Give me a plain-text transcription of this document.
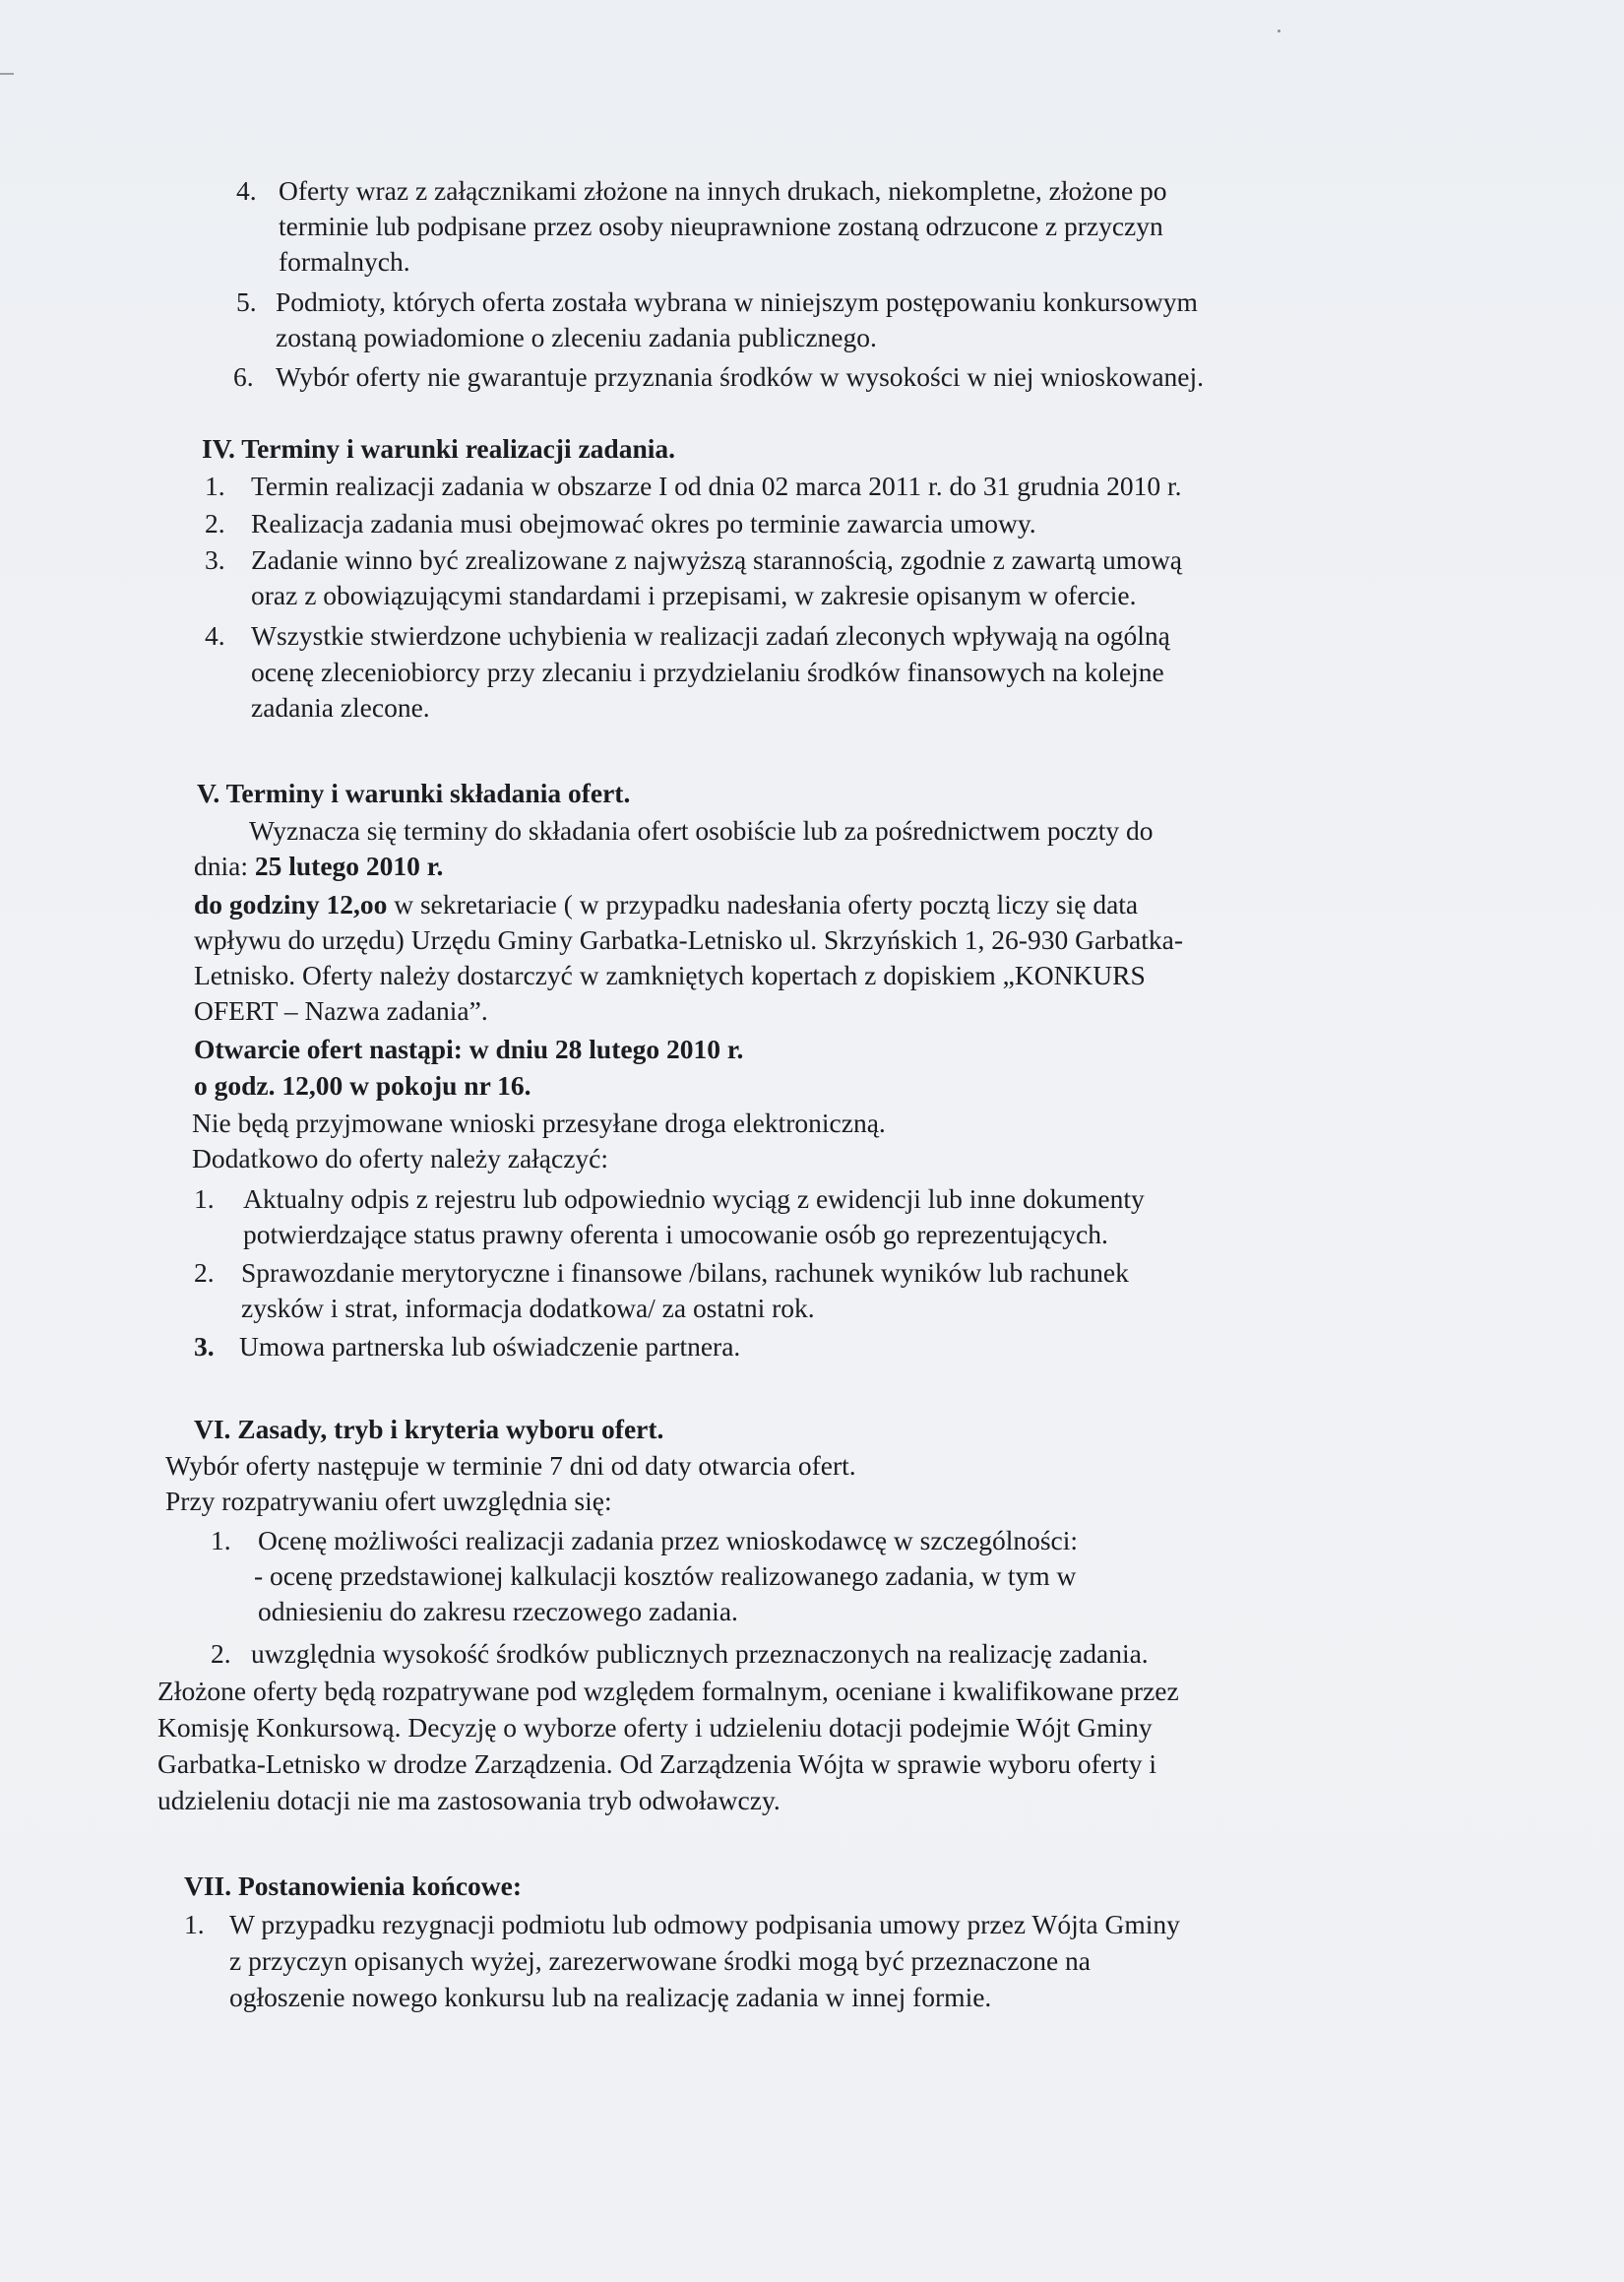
4. Oferty wraz z załącznikami złożone na innych drukach, niekompletne, złożone po
terminie lub podpisane przez osoby nieuprawnione zostaną odrzucone z przyczyn
formalnych.
5. Podmioty, których oferta została wybrana w niniejszym postępowaniu konkursowym
zostaną powiadomione o zleceniu zadania publicznego.
6. Wybór oferty nie gwarantuje przyznania środków w wysokości w niej wnioskowanej.
IV. Terminy i warunki realizacji zadania.
1. Termin realizacji zadania w obszarze I od dnia 02 marca 2011 r. do 31 grudnia 2010 r.
2. Realizacja zadania musi obejmować okres po terminie zawarcia umowy.
3. Zadanie winno być zrealizowane z najwyższą starannością, zgodnie z zawartą umową
oraz z obowiązującymi standardami i przepisami, w zakresie opisanym w ofercie.
4. Wszystkie stwierdzone uchybienia w realizacji zadań zleconych wpływają na ogólną
ocenę zleceniobiorcy przy zlecaniu i przydzielaniu środków finansowych na kolejne
zadania zlecone.
V. Terminy i warunki składania ofert.
Wyznacza się terminy do składania ofert osobiście lub za pośrednictwem poczty do
dnia: 25 lutego 2010 r.
do godziny 12,oo w sekretariacie ( w przypadku nadesłania oferty pocztą liczy się data
wpływu do urzędu) Urzędu Gminy Garbatka-Letnisko ul. Skrzyńskich 1, 26-930 Garbatka-
Letnisko. Oferty należy dostarczyć w zamkniętych kopertach z dopiskiem „KONKURS
OFERT – Nazwa zadania”.
Otwarcie ofert nastąpi: w dniu 28 lutego 2010 r.
o godz. 12,00 w pokoju nr 16.
Nie będą przyjmowane wnioski przesyłane droga elektroniczną.
Dodatkowo do oferty należy załączyć:
1. Aktualny odpis z rejestru lub odpowiednio wyciąg z ewidencji lub inne dokumenty
potwierdzające status prawny oferenta i umocowanie osób go reprezentujących.
2. Sprawozdanie merytoryczne i finansowe /bilans, rachunek wyników lub rachunek
zysków i strat, informacja dodatkowa/ za ostatni rok.
3. Umowa partnerska lub oświadczenie partnera.
VI. Zasady, tryb i kryteria wyboru ofert.
Wybór oferty następuje w terminie 7 dni od daty otwarcia ofert.
Przy rozpatrywaniu ofert uwzględnia się:
1. Ocenę możliwości realizacji zadania przez wnioskodawcę w szczególności:
- ocenę przedstawionej kalkulacji kosztów realizowanego zadania, w tym w
odniesieniu do zakresu rzeczowego zadania.
2. uwzględnia wysokość środków publicznych przeznaczonych na realizację zadania.
Złożone oferty będą rozpatrywane pod względem formalnym, oceniane i kwalifikowane przez
Komisję Konkursową. Decyzję o wyborze oferty i udzieleniu dotacji podejmie Wójt Gminy
Garbatka-Letnisko w drodze Zarządzenia. Od Zarządzenia Wójta w sprawie wyboru oferty i
udzieleniu dotacji nie ma zastosowania tryb odwoławczy.
VII. Postanowienia końcowe:
1. W przypadku rezygnacji podmiotu lub odmowy podpisania umowy przez Wójta Gminy
z przyczyn opisanych wyżej, zarezerwowane środki mogą być przeznaczone na
ogłoszenie nowego konkursu lub na realizację zadania w innej formie.
